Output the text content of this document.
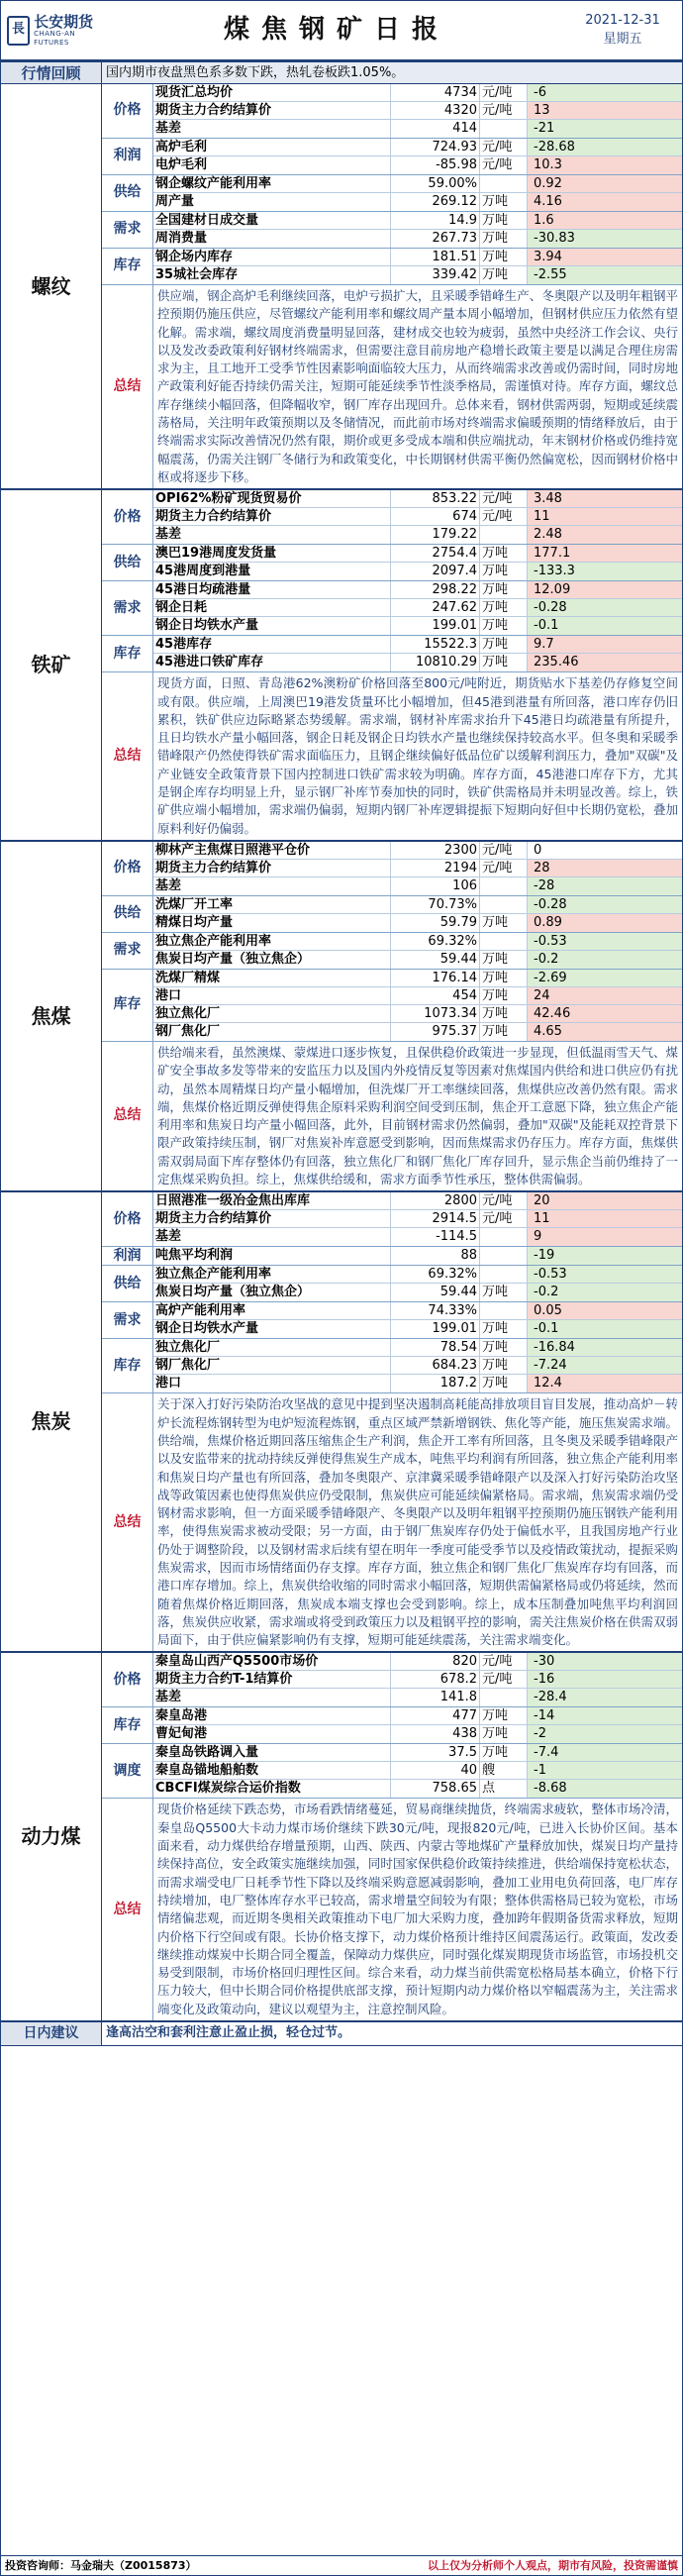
長 长安期货
CHANG-AN FUTURES	煤焦钢矿日报	2021-12-31
星期五
行情回顾	国内期市夜盘黑色系多数下跌，热轧卷板跌1.05%。
螺纹
价格
现货汇总均价	4734 元/吨	-6
期货主力合约结算价	4320 元/吨	13
基差	414	-21
利润
高炉毛利	724.93 元/吨	-28.68
电炉毛利	-85.98 元/吨	10.3
供给
钢企螺纹产能利用率	59.00%	0.92
周产量	269.12 万吨	4.16
需求
全国建材日成交量	14.9 万吨	1.6
周消费量	267.73 万吨	-30.83
库存
钢企场内库存	181.51 万吨	3.94
35城社会库存	339.42 万吨	-2.55
总结
供应端，钢企高炉毛利继续回落，电炉亏损扩大，且采暖季错峰生产、冬奥限产以及明年粗钢平控预期仍施压供应，尽管螺纹产能利用率和螺纹周产量本周小幅增加，但钢材供应压力依然有望化解。需求端，螺纹周度消费量明显回落，建材成交也较为疲弱，虽然中央经济工作会议、央行以及发改委政策利好钢材终端需求，但需要注意目前房地产稳增长政策主要是以满足合理住房需求为主，且工地开工受季节性因素影响面临较大压力，从而终端需求改善或仍需时间，同时房地产政策利好能否持续仍需关注，短期可能延续季节性淡季格局，需谨慎对待。库存方面，螺纹总库存继续小幅回落，但降幅收窄，钢厂库存出现回升。总体来看，钢材供需两弱，短期或延续震荡格局，关注明年政策预期以及冬储情况，而此前市场对终端需求偏暖预期的情绪释放后，由于终端需求实际改善情况仍然有限，期价或更多受成本端和供应端扰动，年末钢材价格或仍维持宽幅震荡，仍需关注钢厂冬储行为和政策变化，中长期钢材供需平衡仍然偏宽松，因而钢材价格中枢或将逐步下移。
铁矿
价格
OPI62%粉矿现货贸易价	853.22 元/吨	3.48
期货主力合约结算价	674 元/吨	11
基差	179.22	2.48
供给
澳巴19港周度发货量	2754.4 万吨	177.1
45港周度到港量	2097.4 万吨	-133.3
需求
45港日均疏港量	298.22 万吨	12.09
钢企日耗	247.62 万吨	-0.28
钢企日均铁水产量	199.01 万吨	-0.1
库存
45港库存	15522.3 万吨	9.7
45港进口铁矿库存	10810.29 万吨	235.46
总结
现货方面，日照、青岛港62%澳粉矿价格回落至800元/吨附近，期货贴水下基差仍存修复空间或有限。供应端，上周澳巴19港发货量环比小幅增加，但45港到港量有所回落，港口库存仍旧累积，铁矿供应边际略紧态势缓解。需求端，钢材补库需求抬升下45港日均疏港量有所提升，且日均铁水产量小幅回落，钢企日耗及钢企日均铁水产量也继续保持较高水平。但冬奥和采暖季错峰限产仍然使得铁矿需求面临压力，且钢企继续偏好低品位矿以缓解利润压力，叠加"双碳"及产业链安全政策背景下国内控制进口铁矿需求较为明确。库存方面，45港港口库存下方，尤其是钢企库存均明显上升，显示钢厂补库节奏加快的同时，铁矿供需格局并未明显改善。综上，铁矿供应端小幅增加，需求端仍偏弱，短期内钢厂补库逻辑提振下短期向好但中长期仍宽松，叠加原料利好仍偏弱。
焦煤
价格
柳林产主焦煤日照港平仓价	2300 元/吨	0
期货主力合约结算价	2194 元/吨	28
基差	106	-28
供给
洗煤厂开工率	70.73%	-0.28
精煤日均产量	59.79 万吨	0.89
需求
独立焦企产能利用率	69.32%	-0.53
焦炭日均产量（独立焦企）	59.44 万吨	-0.2
库存
洗煤厂精煤	176.14 万吨	-2.69
港口	454 万吨	24
独立焦化厂	1073.34 万吨	42.46
钢厂焦化厂	975.37 万吨	4.65
总结
供给端来看，虽然澳煤、蒙煤进口逐步恢复，且保供稳价政策进一步显现，但低温雨雪天气、煤矿安全事故多发等带来的安监压力以及国内外疫情反复等因素对焦煤国内供给和进口供应仍有扰动，虽然本周精煤日均产量小幅增加，但洗煤厂开工率继续回落，焦煤供应改善仍然有限。需求端，焦煤价格近期反弹使得焦企原料采购利润空间受到压制，焦企开工意愿下降，独立焦企产能利用率和焦炭日均产量小幅回落，此外，目前钢材需求仍然偏弱，叠加"双碳"及能耗双控背景下限产政策持续压制，钢厂对焦炭补库意愿受到影响，因而焦煤需求仍存压力。库存方面，焦煤供需双弱局面下库存整体仍有回落，独立焦化厂和钢厂焦化厂库存回升，显示焦企当前仍维持了一定焦煤采购负担。综上，焦煤供给缓和，需求方面季节性承压，整体供需偏弱。
焦炭
价格
日照港准一级冶金焦出库库	2800 元/吨	20
期货主力合约结算价	2914.5 元/吨	11
基差	-114.5	9
利润	吨焦平均利润	88	-19
供给
独立焦企产能利用率	69.32%	-0.53
焦炭日均产量（独立焦企）	59.44 万吨	-0.2
需求
高炉产能利用率	74.33%	0.05
钢企日均铁水产量	199.01 万吨	-0.1
库存
独立焦化厂	78.54 万吨	-16.84
钢厂焦化厂	684.23 万吨	-7.24
港口	187.2 万吨	12.4
总结
关于深入打好污染防治攻坚战的意见中提到坚决遏制高耗能高排放项目盲目发展，推动高炉－转炉长流程炼钢转型为电炉短流程炼钢，重点区域严禁新增钢铁、焦化等产能，施压焦炭需求端。供给端，焦煤价格近期回落压缩焦企生产利润，焦企开工率有所回落，且冬奥及采暖季错峰限产以及安监带来的扰动持续反弹使得焦炭生产成本，吨焦平均利润有所回落，独立焦企产能利用率和焦炭日均产量也有所回落，叠加冬奥限产、京津冀采暖季错峰限产以及深入打好污染防治攻坚战等政策因素也使得焦炭供应仍受限制，焦炭供应可能延续偏紧格局。需求端，焦炭需求端仍受钢材需求影响，但一方面采暖季错峰限产、冬奥限产以及明年粗钢平控预期仍施压钢铁产能利用率，使得焦炭需求被动受限；另一方面，由于钢厂焦炭库存仍处于偏低水平，且我国房地产行业仍处于调整阶段，以及钢材需求后续有望在明年一季度可能受季节以及疫情政策扰动，提振采购焦炭需求，因而市场情绪面仍存支撑。库存方面，独立焦企和钢厂焦化厂焦炭库存均有回落，而港口库存增加。综上，焦炭供给收缩的同时需求小幅回落，短期供需偏紧格局或仍将延续，然而随着焦煤价格近期回落，焦炭成本端支撑也会受到影响。综上，成本压制叠加吨焦平均利润回落，焦炭供应收紧，需求端或将受到政策压力以及粗钢平控的影响，需关注焦炭价格在供需双弱局面下，由于供应偏紧影响仍有支撑，短期可能延续震荡，关注需求端变化。
动力煤
价格
秦皇岛山西产Q5500市场价	820 元/吨	-30
期货主力合约T-1结算价	678.2 元/吨	-16
基差	141.8	-28.4
库存
秦皇岛港	477 万吨	-14
曹妃甸港	438 万吨	-2
调度
秦皇岛铁路调入量	37.5 万吨	-7.4
秦皇岛锚地船舶数	40 艘	-1
CBCFI煤炭综合运价指数	758.65 点	-8.68
总结
现货价格延续下跌态势，市场看跌情绪蔓延，贸易商继续抛货，终端需求疲软，整体市场冷清，秦皇岛Q5500大卡动力煤市场价继续下跌30元/吨，现报820元/吨，已进入长协价区间。基本面来看，动力煤供给存增量预期，山西、陕西、内蒙古等地煤矿产量释放加快，煤炭日均产量持续保持高位，安全政策实施继续加强，同时国家保供稳价政策持续推进，供给端保持宽松状态，而需求端受电厂日耗季节性下降以及终端采购意愿减弱影响，叠加工业用电负荷回落，电厂库存持续增加，电厂整体库存水平已较高，需求增量空间较为有限；整体供需格局已较为宽松，市场情绪偏悲观，而近期冬奥相关政策推动下电厂加大采购力度，叠加跨年假期备货需求释放，短期内价格下行空间或有限。长协价格支撑下，动力煤价格预计维持区间震荡运行。政策面，发改委继续推动煤炭中长期合同全覆盖，保障动力煤供应，同时强化煤炭期现货市场监管，市场投机交易受到限制，市场价格回归理性区间。综合来看，动力煤当前供需宽松格局基本确立，价格下行压力较大，但中长期合同价格提供底部支撑，预计短期内动力煤价格以窄幅震荡为主，关注需求端变化及政策动向，建议以观望为主，注意控制风险。
日内建议	逢高沽空和套利注意止盈止损，轻仓过节。
投资咨询师：马金瑞夫（Z0015873）	以上仅为分析师个人观点，期市有风险，投资需谨慎
